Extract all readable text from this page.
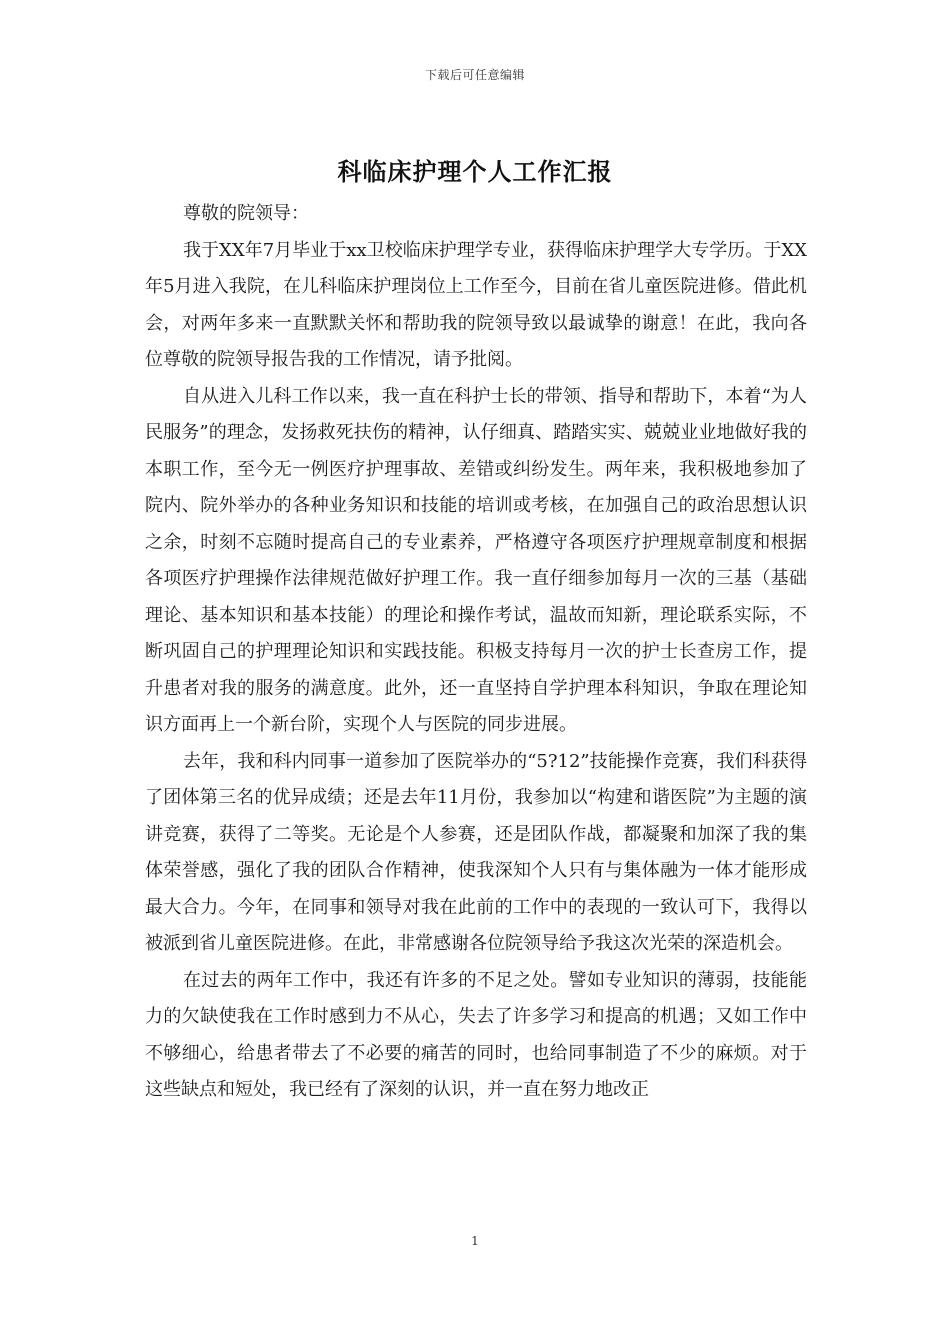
下载后可任意编辑
科临床护理个人工作汇报

尊敬的院领导：

我于XX年7月毕业于xx卫校临床护理学专业，获得临床护理学大专学历。于XX年5月进入我院，在儿科临床护理岗位上工作至今，目前在省儿童医院进修。借此机会，对两年多来一直默默关怀和帮助我的院领导致以最诚挚的谢意！在此，我向各位尊敬的院领导报告我的工作情况，请予批阅。

自从进入儿科工作以来，我一直在科护士长的带领、指导和帮助下，本着“为人民服务”的理念，发扬救死扶伤的精神，认仔细真、踏踏实实、兢兢业业地做好我的本职工作，至今无一例医疗护理事故、差错或纠纷发生。两年来，我积极地参加了院内、院外举办的各种业务知识和技能的培训或考核，在加强自己的政治思想认识之余，时刻不忘随时提高自己的专业素养，严格遵守各项医疗护理规章制度和根据各项医疗护理操作法律规范做好护理工作。我一直仔细参加每月一次的三基（基础理论、基本知识和基本技能）的理论和操作考试，温故而知新，理论联系实际，不断巩固自己的护理理论知识和实践技能。积极支持每月一次的护士长查房工作，提升患者对我的服务的满意度。此外，还一直坚持自学护理本科知识，争取在理论知识方面再上一个新台阶，实现个人与医院的同步进展。

去年，我和科内同事一道参加了医院举办的“5?12”技能操作竞赛，我们科获得了团体第三名的优异成绩；还是去年11月份，我参加以“构建和谐医院”为主题的演讲竞赛，获得了二等奖。无论是个人参赛，还是团队作战，都凝聚和加深了我的集体荣誉感，强化了我的团队合作精神，使我深知个人只有与集体融为一体才能形成最大合力。今年，在同事和领导对我在此前的工作中的表现的一致认可下，我得以被派到省儿童医院进修。在此，非常感谢各位院领导给予我这次光荣的深造机会。

在过去的两年工作中，我还有许多的不足之处。譬如专业知识的薄弱，技能能力的欠缺使我在工作时感到力不从心，失去了许多学习和提高的机遇；又如工作中不够细心，给患者带去了不必要的痛苦的同时，也给同事制造了不少的麻烦。对于这些缺点和短处，我已经有了深刻的认识，并一直在努力地改正

1
